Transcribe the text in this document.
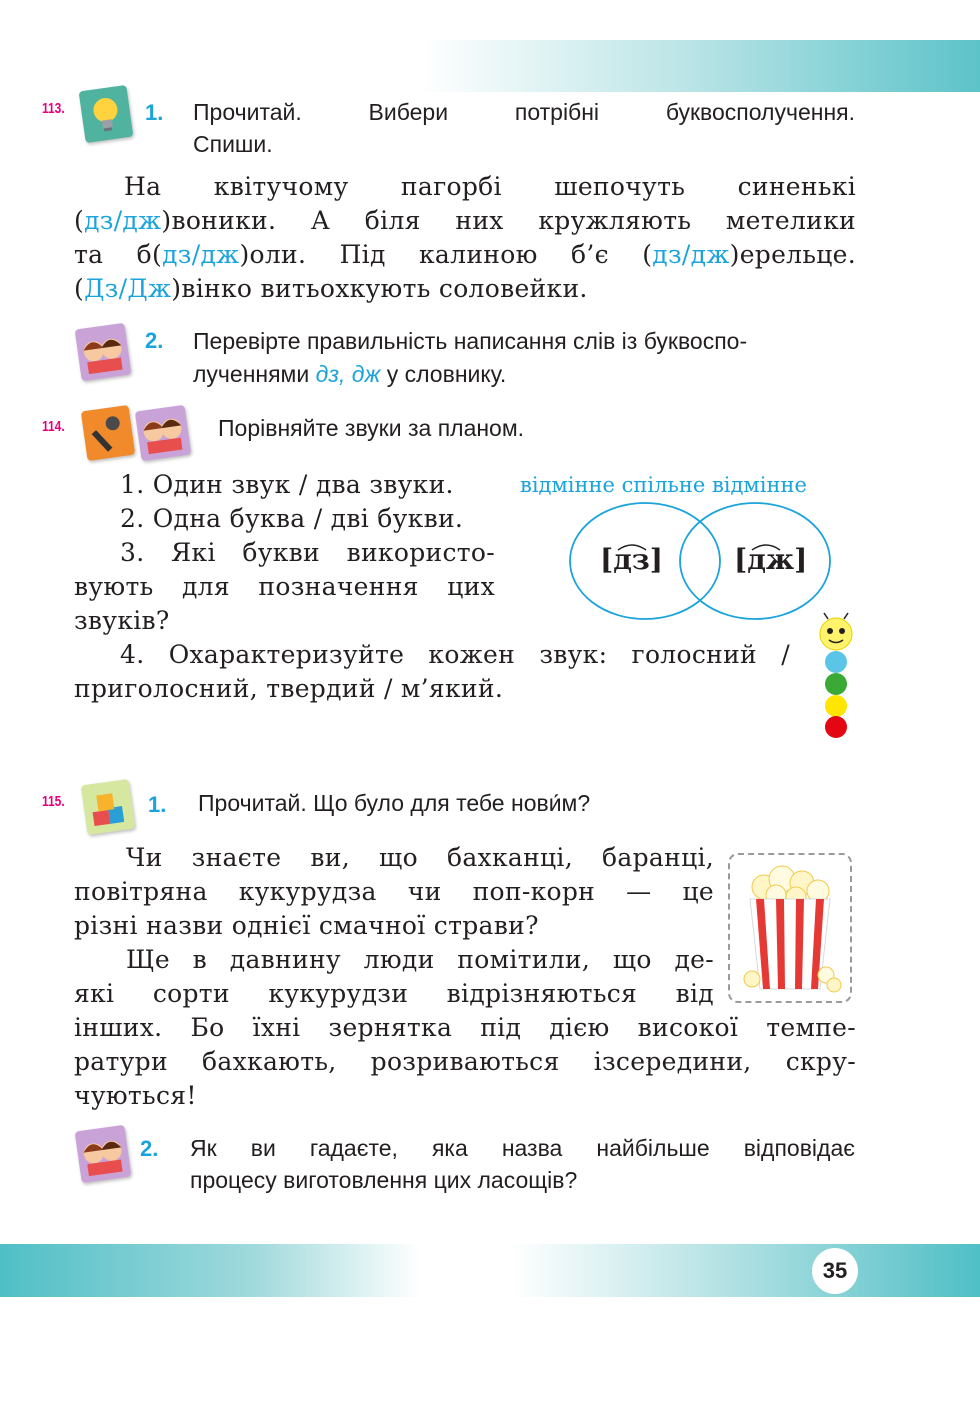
35
113.	1. Прочитай. Вибери потрібні буквосполучення.
Спиши.
На квітучому пагорбі шепочуть синенькі
(дз/дж)воники. А біля них кружляють метелики
та б(дз/дж)оли. Під калиною б’є (дз/дж)ерельце.
(Дз/Дж)вінко витьохкують соловейки.
2. Перевірте правильність написання слів із буквоспо-
лученнями дз, дж у словнику.
114.	Порівняйте звуки за планом.
1. Один звук / два звуки.
2. Одна буква / дві букви.
3. Які букви використо-
вують для позначення цих
звуків?
4. Охарактеризуйте кожен звук: голосний /
приголосний, твердий / м’який.
відмінне спільне відмінне
[дз]	[дж]
115.	1. Прочитай. Що було для тебе нови́м?
Чи знаєте ви, що бахканці, баранці,
повітряна кукурудза чи поп-корн — це
різні назви однієї смачної страви?
Ще в давнину люди помітили, що де-
які сорти кукурудзи відрізняються від
інших. Бо їхні зернятка під дією високої темпе-
ратури бахкають, розриваються ізсередини, скру-
чуються!
2. Як ви гадаєте, яка назва найбільше відповідає
процесу виготовлення цих ласощів?
